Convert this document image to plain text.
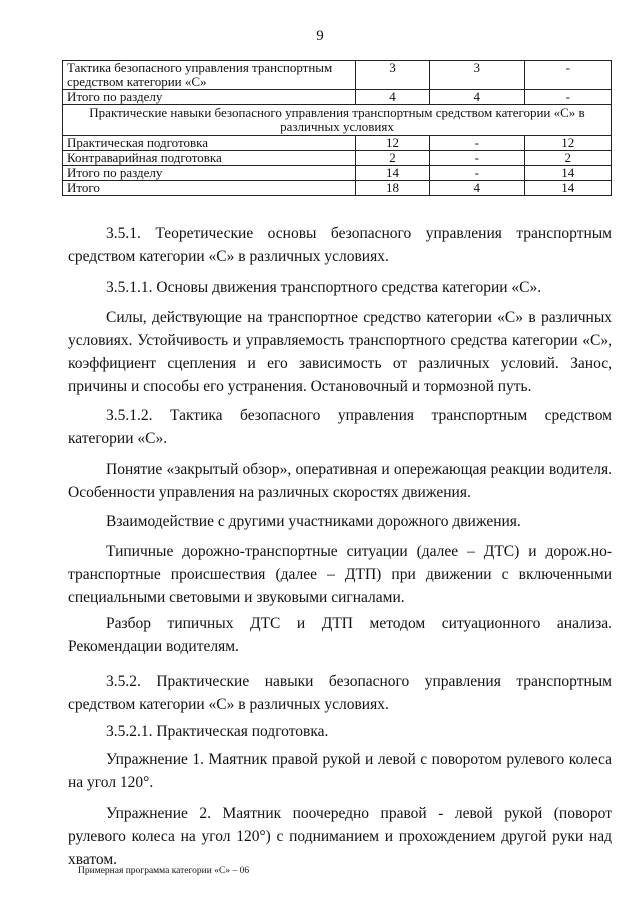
9
Тактика безопасного управления транспортным средством категории «С»	3	3	-
Итого по разделу	4	4	-
Практические навыки безопасного управления транспортным средством категории «С» в различных условиях			
Практическая подготовка	12	-	12
Контраварийная подготовка	2	-	2
Итого по разделу	14	-	14
Итого	18	4	14

3.5.1. Теоретические основы безопасного управления транспортным средством категории «С» в различных условиях.

3.5.1.1. Основы движения транспортного средства категории «С».

Силы, действующие на транспортное средство категории «С» в различных условиях. Устойчивость и управляемость транспортного средства категории «С», коэффициент сцепления и его зависимость от различных условий. Занос, причины и способы его устранения. Остановочный и тормозной путь.

3.5.1.2. Тактика безопасного управления транспортным средством категории «С».

Понятие «закрытый обзор», оперативная и опережающая реакции водителя. Особенности управления на различных скоростях движения.

Взаимодействие с другими участниками дорожного движения.

Типичные дорожно-транспортные ситуации (далее – ДТС) и дорож.но-транспортные происшествия (далее – ДТП) при движении с включенными специальными световыми и звуковыми сигналами.

Разбор типичных ДТС и ДТП методом ситуационного анализа. Рекомендации водителям.

3.5.2. Практические навыки безопасного управления транспортным средством категории «С» в различных условиях.

3.5.2.1. Практическая подготовка.

Упражнение 1. Маятник правой рукой и левой с поворотом рулевого колеса на угол 120°.

Упражнение 2. Маятник поочередно правой - левой рукой (поворот рулевого колеса на угол 120°) с подниманием и прохождением другой руки над хватом.

Примерная программа категории «С» – 06
